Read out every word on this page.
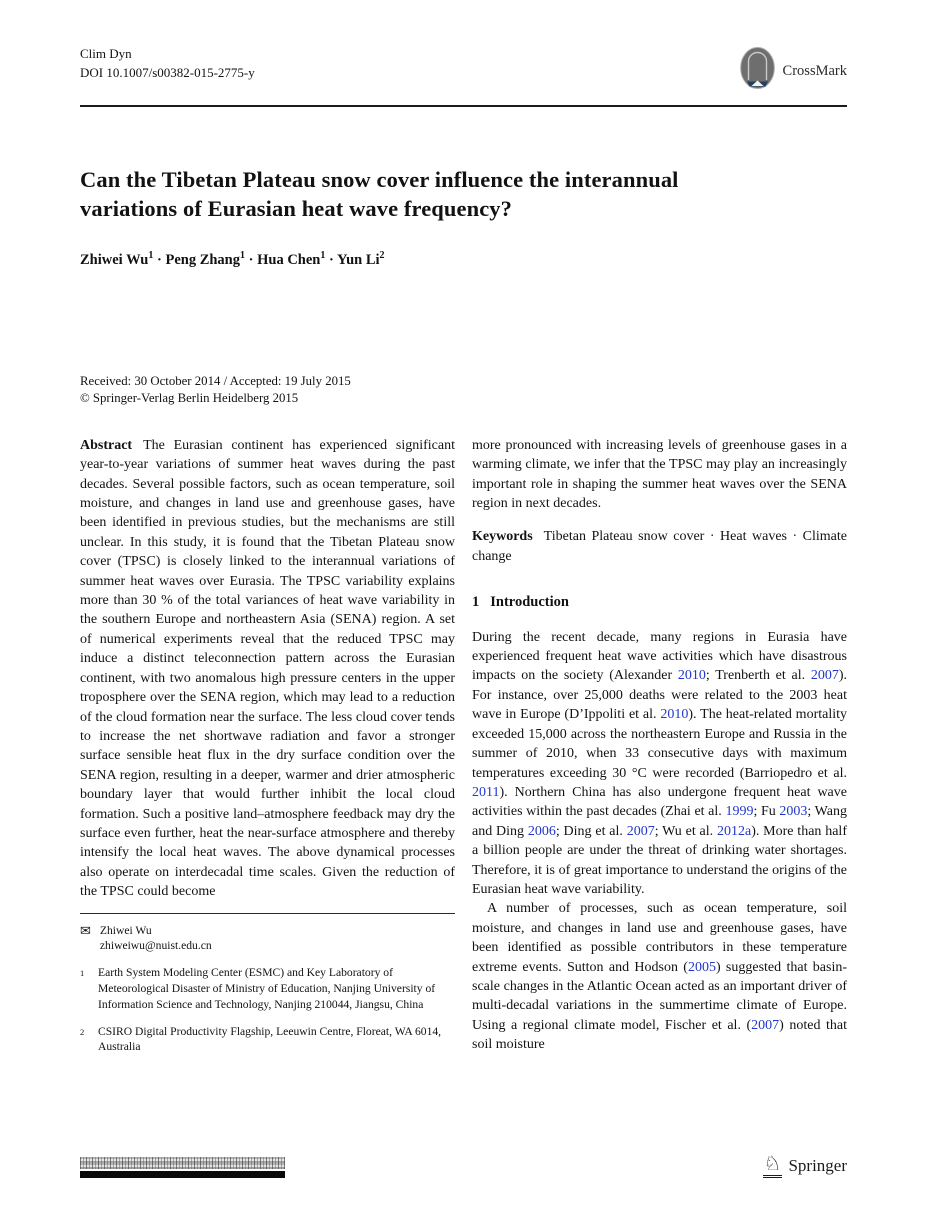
Clim Dyn
DOI 10.1007/s00382-015-2775-y	CrossMark
Can the Tibetan Plateau snow cover influence the interannual variations of Eurasian heat wave frequency?
Zhiwei $Wu^1$ · Peng Zhang$^1$ · Hua Chen$^1$ · Yun Li$^2$
Received: 30 October 2014 / Accepted: 19 July 2015
© Springer-Verlag Berlin Heidelberg 2015

Abstract The Eurasian continent has experienced significant year-to-year variations of summer heat waves during the past decades. Several possible factors, such as ocean temperature, soil moisture, and changes in land use and greenhouse gases, have been identified in previous studies, but the mechanisms are still unclear. In this study, it is found that the Tibetan Plateau snow cover (TPSC) is closely linked to the interannual variations of summer heat waves over Eurasia. The TPSC variability explains more than 30 % of the total variances of heat wave variability in the southern Europe and northeastern Asia (SENA) region. A set of numerical experiments reveal that the reduced TPSC may induce a distinct teleconnection pattern across the Eurasian continent, with two anomalous high pressure centers in the upper troposphere over the SENA region, which may lead to a reduction of the cloud formation near the surface. The less cloud cover tends to increase the net shortwave radiation and favor a stronger surface sensible heat flux in the dry surface condition over the SENA region, resulting in a deeper, warmer and drier atmospheric boundary layer that would further inhibit the local cloud formation. Such a positive land–atmosphere feedback may dry the surface even further, heat the near-surface atmosphere and thereby intensify the local heat waves. The above dynamical processes also operate on interdecadal time scales. Given the reduction of the TPSC could become

✉ Zhiwei Wu
zhiweiwu@nuist.edu.cn
1	Earth System Modeling Center (ESMC) and Key Laboratory of Meteorological Disaster of Ministry of Education, Nanjing University of Information Science and Technology, Nanjing 210044, Jiangsu, China
2	CSIRO Digital Productivity Flagship, Leeuwin Centre, Floreat, WA 6014, Australia

more pronounced with increasing levels of greenhouse gases in a warming climate, we infer that the TPSC may play an increasingly important role in shaping the summer heat waves over the SENA region in next decades.

Keywords Tibetan Plateau snow cover · Heat waves · Climate change

1 Introduction

During the recent decade, many regions in Eurasia have experienced frequent heat wave activities which have disastrous impacts on the society (Alexander 2010; Trenberth et al. 2007). For instance, over 25,000 deaths were related to the 2003 heat wave in Europe (D’Ippoliti et al. 2010). The heat-related mortality exceeded 15,000 across the northeastern Europe and Russia in the summer of 2010, when 33 consecutive days with maximum temperatures exceeding 30 °C were recorded (Barriopedro et al. 2011). Northern China has also undergone frequent heat wave activities within the past decades (Zhai et al. 1999; Fu 2003; Wang and Ding 2006; Ding et al. 2007; Wu et al. 2012a). More than half a billion people are under the threat of drinking water shortages. Therefore, it is of great importance to understand the origins of the Eurasian heat wave variability.

A number of processes, such as ocean temperature, soil moisture, and changes in land use and greenhouse gases, have been identified as possible contributors in these temperature extreme events. Sutton and Hodson (2005) suggested that basin-scale changes in the Atlantic Ocean acted as an important driver of multi-decadal variations in the summertime climate of Europe. Using a regional climate model, Fischer et al. (2007) noted that soil moisture

♘ Springer
